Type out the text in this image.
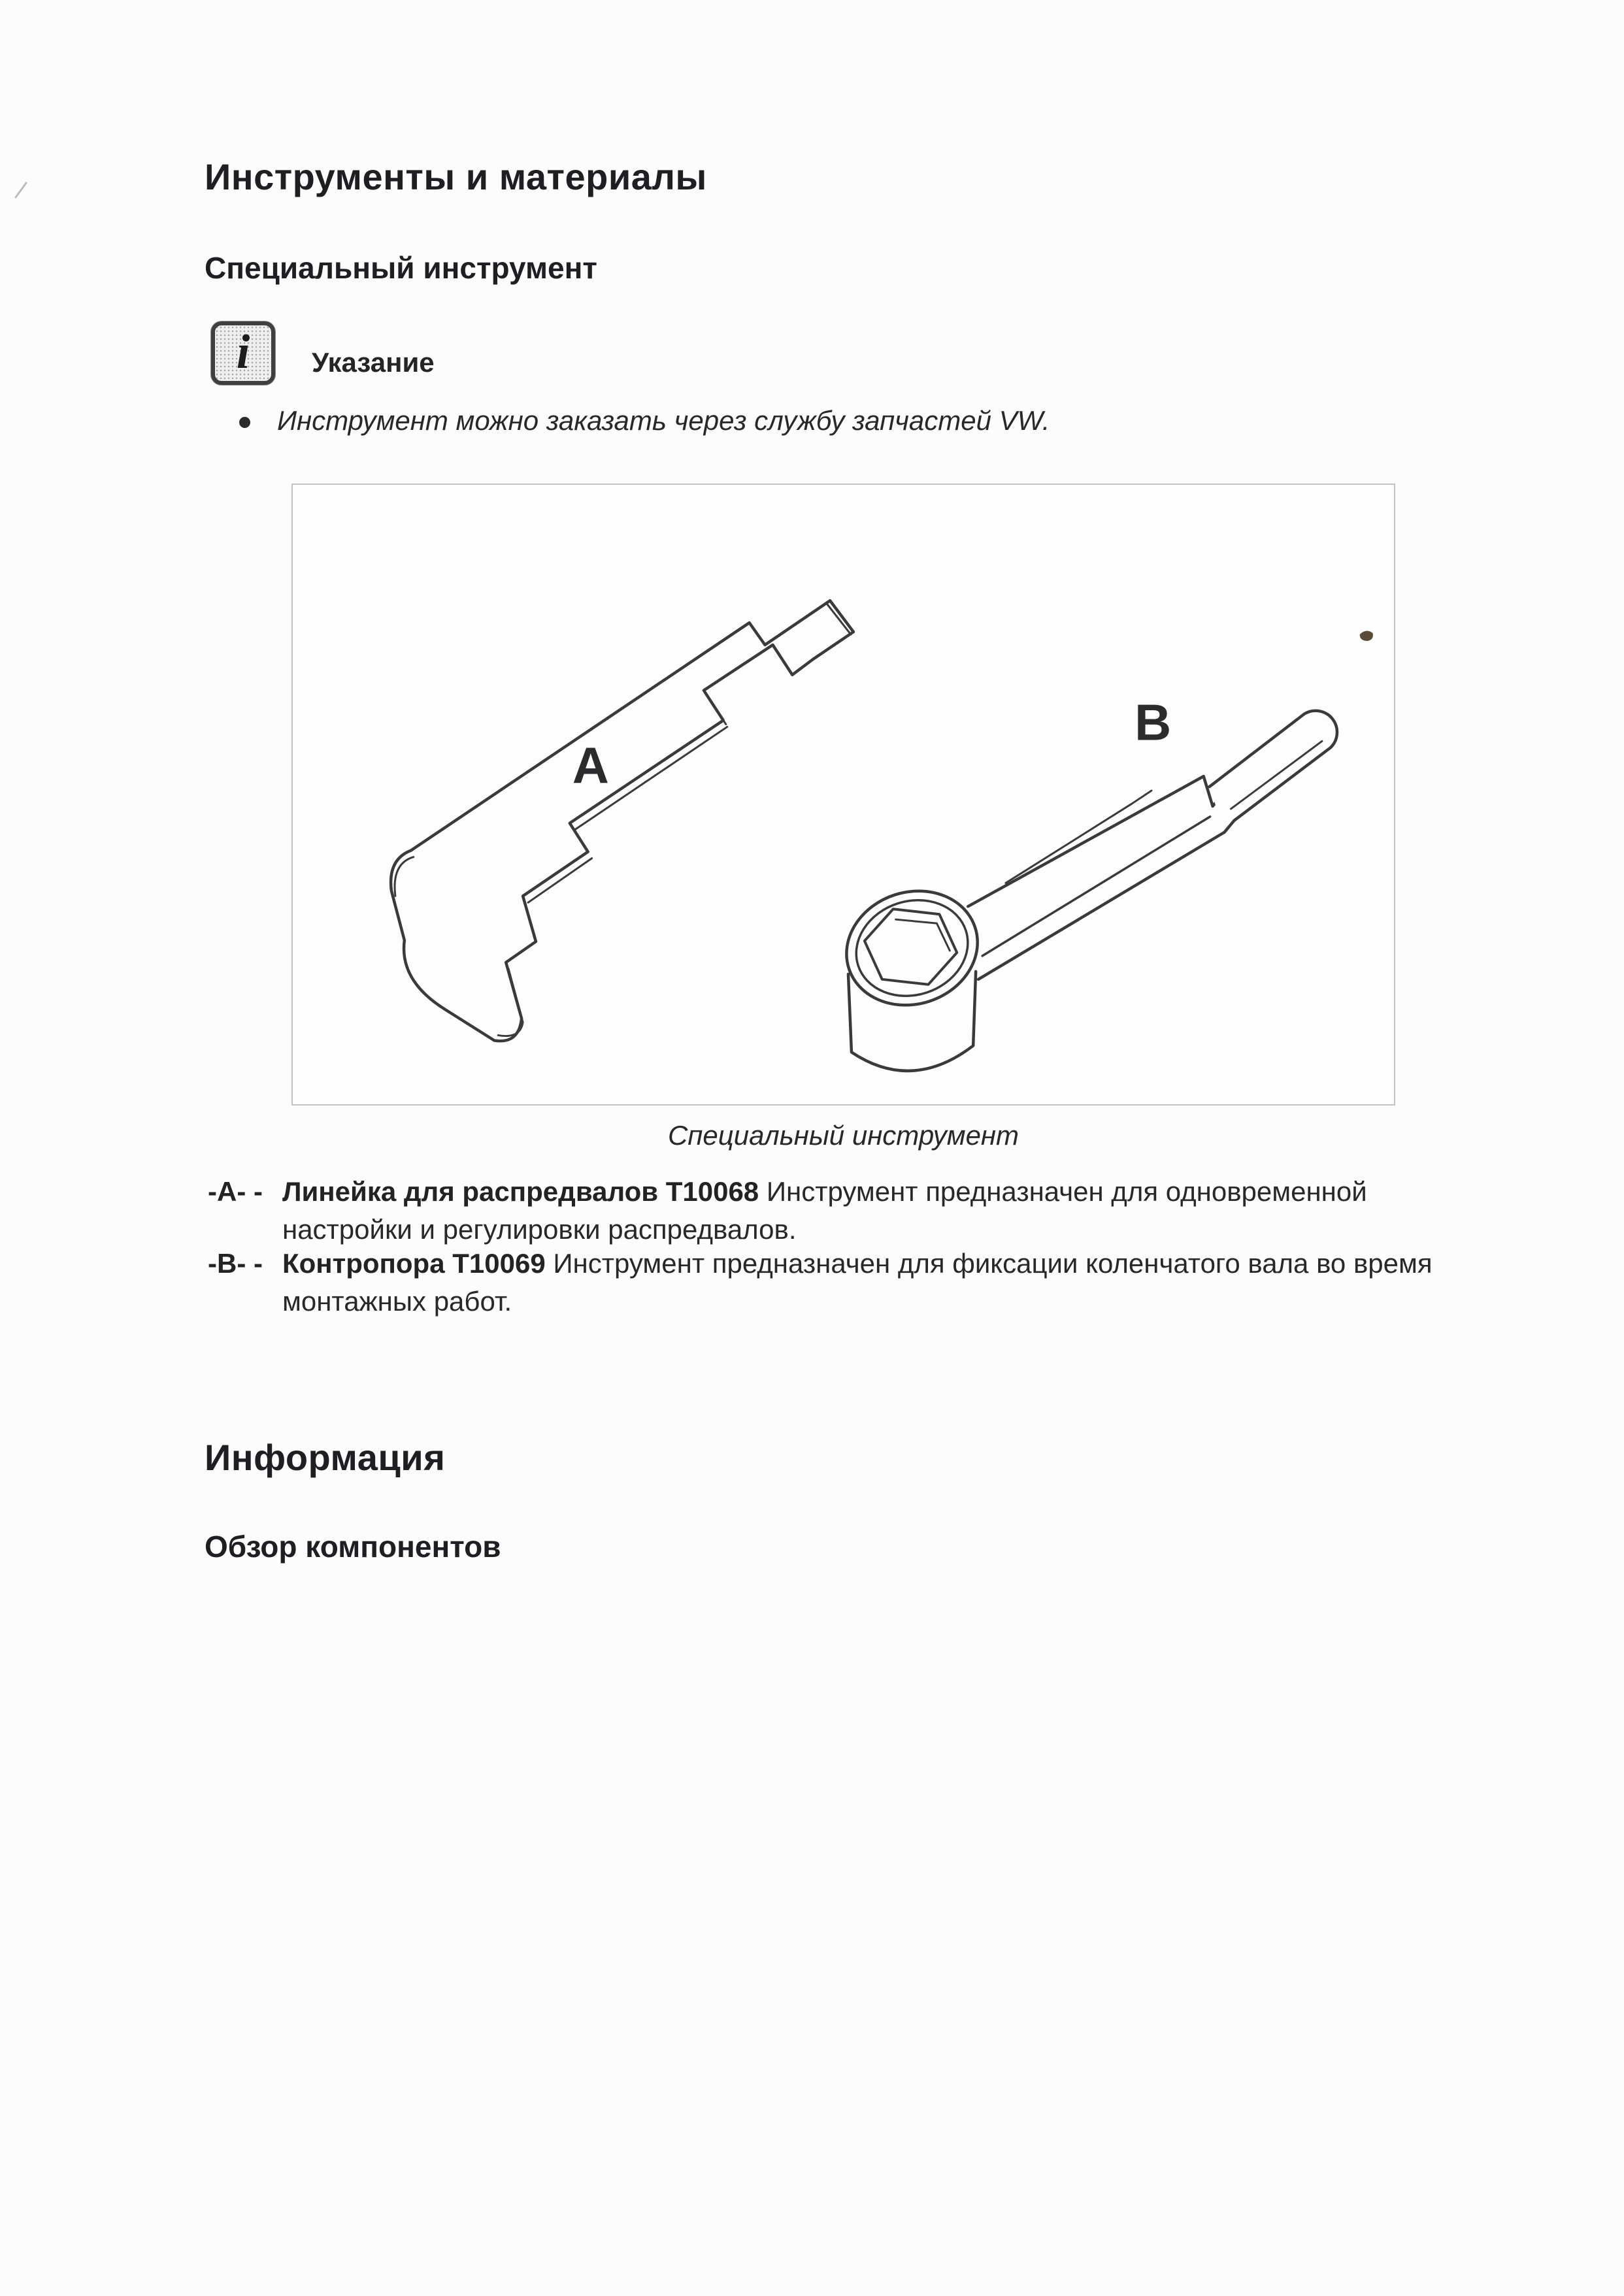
Инструменты и материалы
Специальный инструмент
i Указание
Инструмент можно заказать через службу запчастей VW.
A
B
Специальный инструмент
-A- - Линейка для распредвалов T10068 Инструмент предназначен для одновременной
настройки и регулировки распредвалов.
-B- - Контропора T10069 Инструмент предназначен для фиксации коленчатого вала во время
монтажных работ.
Информация
Обзор компонентов
